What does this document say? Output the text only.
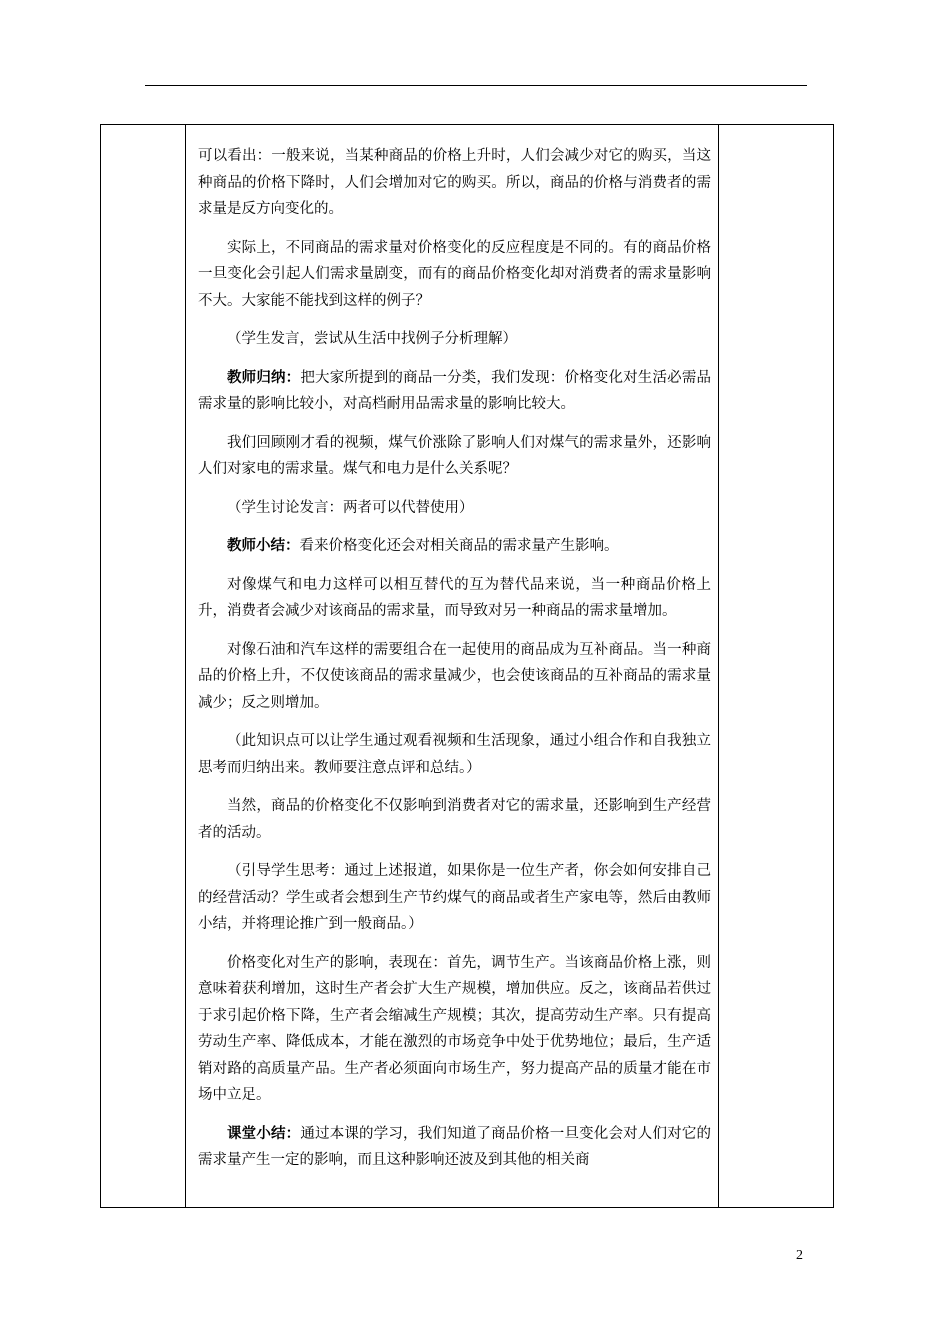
可以看出：一般来说，当某种商品的价格上升时，人们会减少对它的购买，当这种商品的价格下降时，人们会增加对它的购买。所以，商品的价格与消费者的需求量是反方向变化的。

实际上，不同商品的需求量对价格变化的反应程度是不同的。有的商品价格一旦变化会引起人们需求量剧变，而有的商品价格变化却对消费者的需求量影响不大。大家能不能找到这样的例子？

（学生发言，尝试从生活中找例子分析理解）

教师归纳：把大家所提到的商品一分类，我们发现：价格变化对生活必需品需求量的影响比较小，对高档耐用品需求量的影响比较大。

我们回顾刚才看的视频，煤气价涨除了影响人们对煤气的需求量外，还影响人们对家电的需求量。煤气和电力是什么关系呢？

（学生讨论发言：两者可以代替使用）

教师小结：看来价格变化还会对相关商品的需求量产生影响。

对像煤气和电力这样可以相互替代的互为替代品来说，当一种商品价格上升，消费者会减少对该商品的需求量，而导致对另一种商品的需求量增加。

对像石油和汽车这样的需要组合在一起使用的商品成为互补商品。当一种商品的价格上升，不仅使该商品的需求量减少，也会使该商品的互补商品的需求量减少；反之则增加。

（此知识点可以让学生通过观看视频和生活现象，通过小组合作和自我独立思考而归纳出来。教师要注意点评和总结。）

当然，商品的价格变化不仅影响到消费者对它的需求量，还影响到生产经营者的活动。

（引导学生思考：通过上述报道，如果你是一位生产者，你会如何安排自己的经营活动？学生或者会想到生产节约煤气的商品或者生产家电等，然后由教师小结，并将理论推广到一般商品。）

价格变化对生产的影响，表现在：首先，调节生产。当该商品价格上涨，则意味着获利增加，这时生产者会扩大生产规模，增加供应。反之，该商品若供过于求引起价格下降，生产者会缩减生产规模；其次，提高劳动生产率。只有提高劳动生产率、降低成本，才能在激烈的市场竞争中处于优势地位；最后，生产适销对路的高质量产品。生产者必须面向市场生产，努力提高产品的质量才能在市场中立足。

课堂小结：通过本课的学习，我们知道了商品价格一旦变化会对人们对它的需求量产生一定的影响，而且这种影响还波及到其他的相关商

2
